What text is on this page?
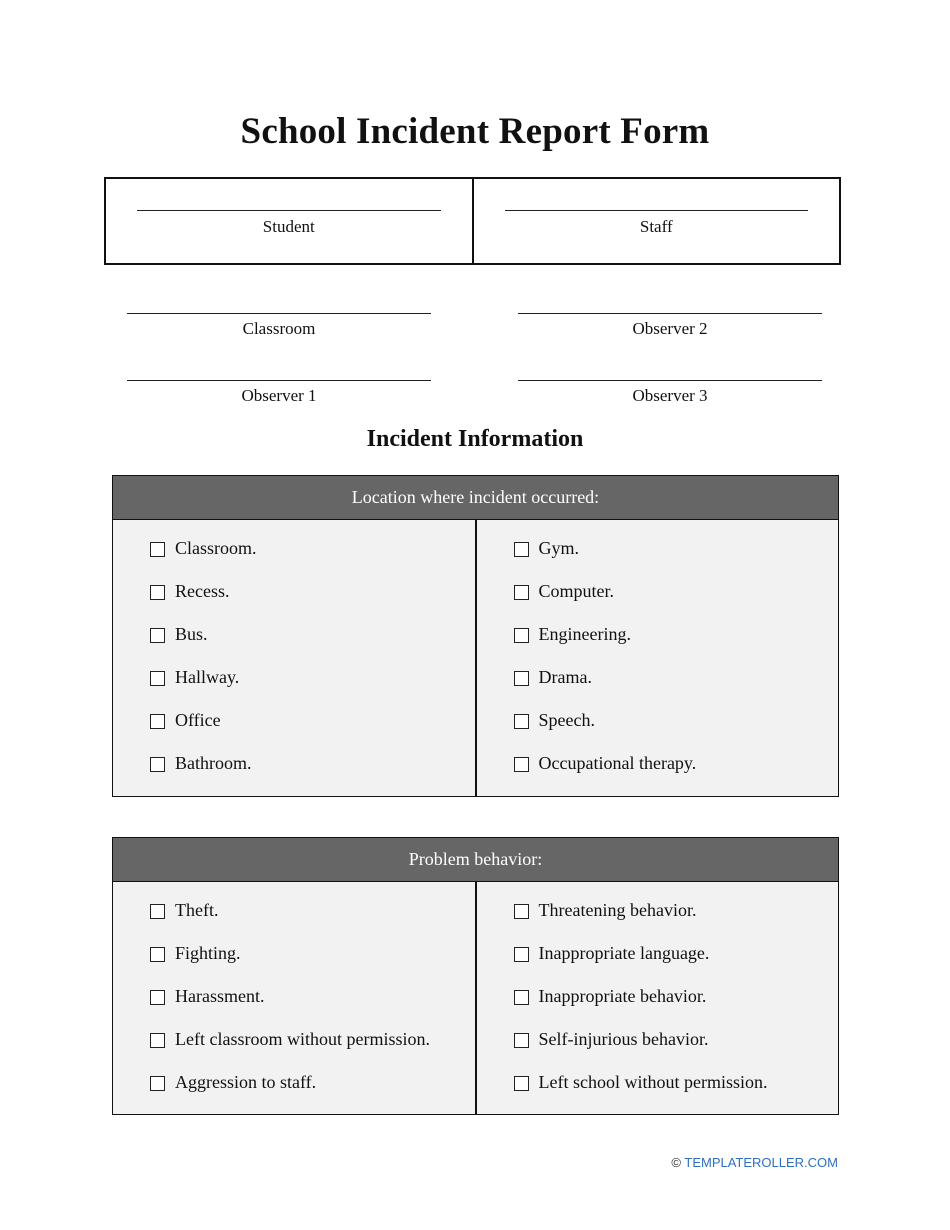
School Incident Report Form
Student	Staff
Classroom	Observer 2
Observer 1	Observer 3
Incident Information
Location where incident occurred:
Classroom.
Recess.
Bus.
Hallway.
Office
Bathroom.
Gym.
Computer.
Engineering.
Drama.
Speech.
Occupational therapy.
Problem behavior:
Theft.
Fighting.
Harassment.
Left classroom without permission.
Aggression to staff.
Threatening behavior.
Inappropriate language.
Inappropriate behavior.
Self-injurious behavior.
Left school without permission.
© TEMPLATEROLLER.COM
